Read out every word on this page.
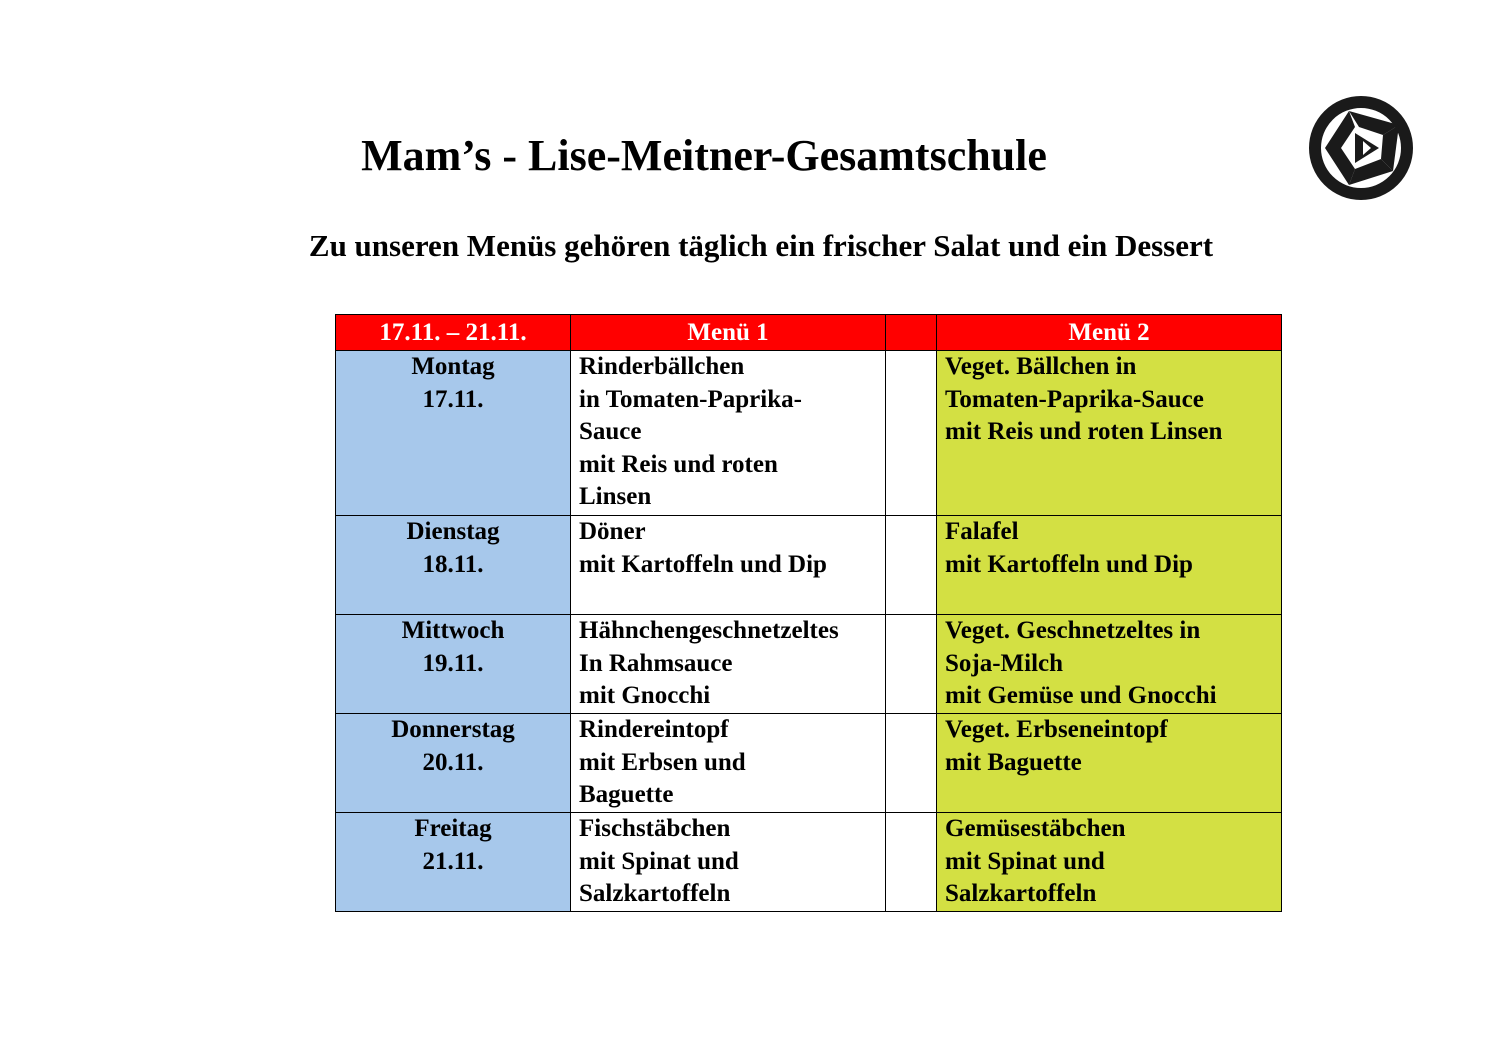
Mam’s - Lise-Meitner-Gesamtschule
Zu unseren Menüs gehören täglich ein frischer Salat und ein Dessert
17.11. – 21.11.	Menü 1		Menü 2

Montag
17.11.	Rinderbällchen
in Tomaten-Paprika-
Sauce
mit Reis und roten
Linsen		Veget. Bällchen in
Tomaten-Paprika-Sauce
mit Reis und roten Linsen

Dienstag
18.11.	Döner
mit Kartoffeln und Dip		Falafel
mit Kartoffeln und Dip

Mittwoch
19.11.	Hähnchengeschnetzeltes
In Rahmsauce
mit Gnocchi		Veget. Geschnetzeltes in
Soja-Milch
mit Gemüse und Gnocchi

Donnerstag
20.11.	Rindereintopf
mit Erbsen und
Baguette		Veget. Erbseneintopf
mit Baguette

Freitag
21.11.	Fischstäbchen
mit Spinat und
Salzkartoffeln		Gemüsestäbchen
mit Spinat und
Salzkartoffeln
